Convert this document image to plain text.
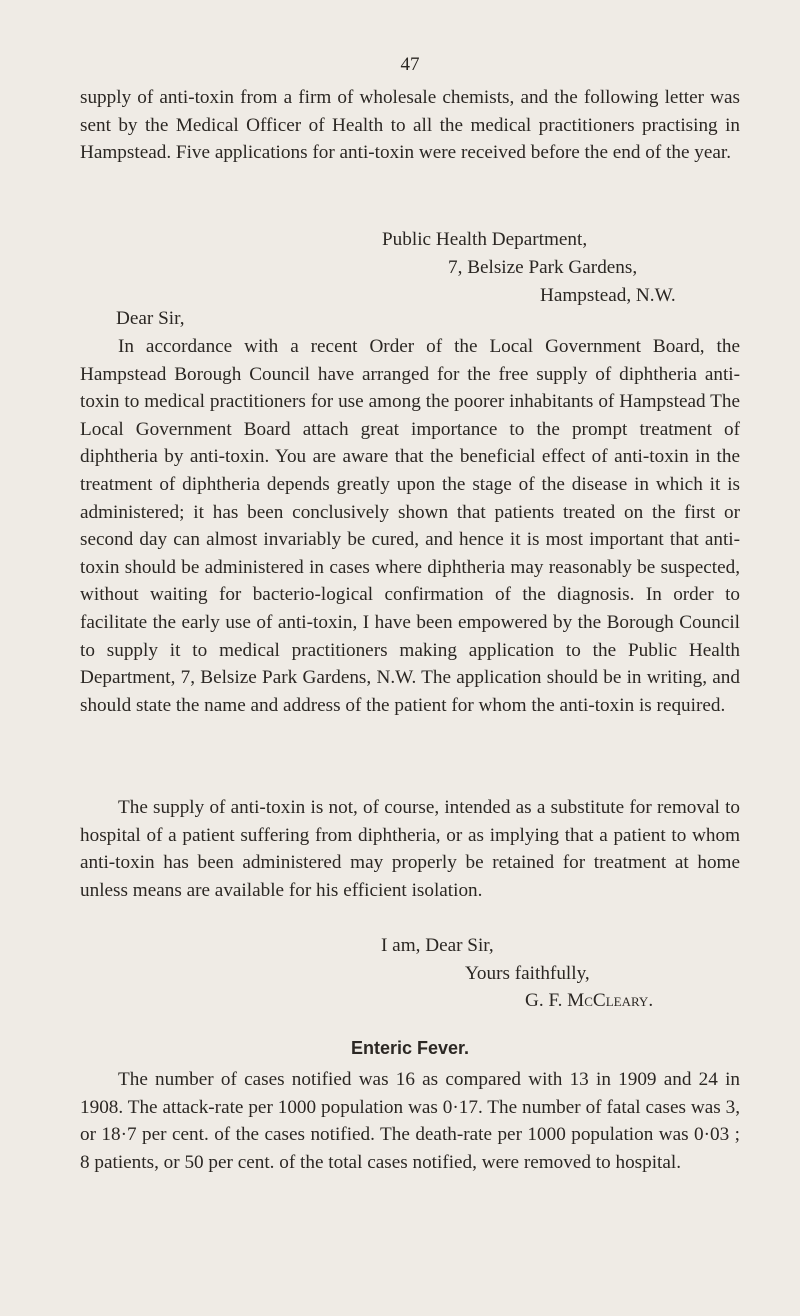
47

supply of anti-toxin from a firm of wholesale chemists, and the following letter was sent by the Medical Officer of Health to all the medical practitioners practising in Hampstead. Five applications for anti-toxin were received before the end of the year.

Public Health Department,
7, Belsize Park Gardens,
Hampstead, N.W.
Dear Sir,

In accordance with a recent Order of the Local Government Board, the Hampstead Borough Council have arranged for the free supply of diphtheria anti-toxin to medical practitioners for use among the poorer inhabitants of Hampstead The Local Government Board attach great importance to the prompt treatment of diphtheria by anti-toxin. You are aware that the beneficial effect of anti-toxin in the treatment of diphtheria depends greatly upon the stage of the disease in which it is administered; it has been conclusively shown that patients treated on the first or second day can almost invariably be cured, and hence it is most important that anti-toxin should be administered in cases where diphtheria may reasonably be suspected, without waiting for bacterio-logical confirmation of the diagnosis. In order to facilitate the early use of anti-toxin, I have been empowered by the Borough Council to supply it to medical practitioners making application to the Public Health Department, 7, Belsize Park Gardens, N.W. The application should be in writing, and should state the name and address of the patient for whom the anti-toxin is required.

The supply of anti-toxin is not, of course, intended as a substitute for removal to hospital of a patient suffering from diphtheria, or as implying that a patient to whom anti-toxin has been administered may properly be retained for treatment at home unless means are available for his efficient isolation.

I am, Dear Sir,
Yours faithfully,
G. F. McCleary.
Enteric Fever.

The number of cases notified was 16 as compared with 13 in 1909 and 24 in 1908. The attack-rate per 1000 population was 0·17. The number of fatal cases was 3, or 18·7 per cent. of the cases notified. The death-rate per 1000 population was 0·03 ; 8 patients, or 50 per cent. of the total cases notified, were removed to hospital.
